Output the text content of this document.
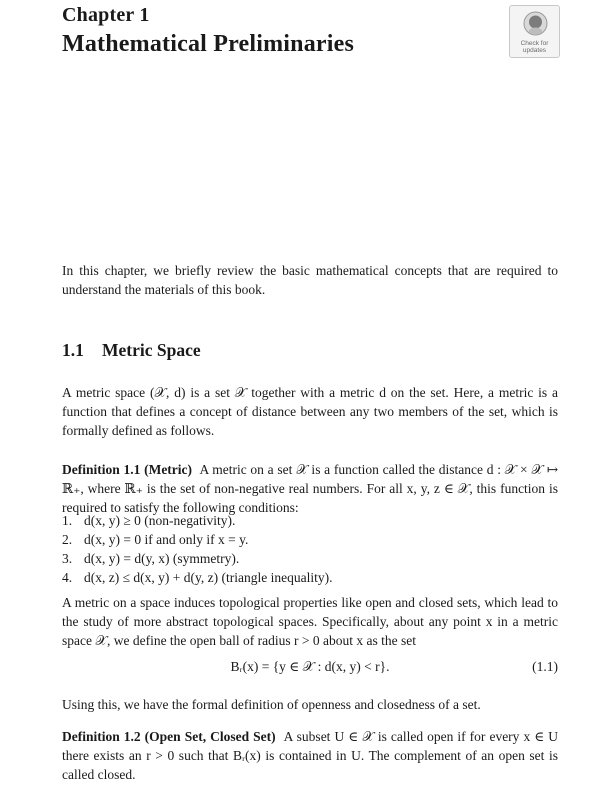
Chapter 1
Mathematical Preliminaries	Check for
updates

In this chapter, we briefly review the basic mathematical concepts that are required to understand the materials of this book.

1.1 Metric Space

A metric space (𝒳, d) is a set 𝒳 together with a metric d on the set. Here, a metric is a function that defines a concept of distance between any two members of the set, which is formally defined as follows.

Definition 1.1 (Metric) A metric on a set 𝒳 is a function called the distance d : 𝒳 × 𝒳 ↦ ℝ₊, where ℝ₊ is the set of non-negative real numbers. For all x, y, z ∈ 𝒳, this function is required to satisfy the following conditions:

1. d(x, y) ≥ 0 (non-negativity).
2. d(x, y) = 0 if and only if x = y.
3. d(x, y) = d(y, x) (symmetry).
4. d(x, z) ≤ d(x, y) + d(y, z) (triangle inequality).

A metric on a space induces topological properties like open and closed sets, which lead to the study of more abstract topological spaces. Specifically, about any point x in a metric space 𝒳, we define the open ball of radius r > 0 about x as the set

Bᵣ(x) = {y ∈ 𝒳 : d(x, y) < r}.	(1.1)

Using this, we have the formal definition of openness and closedness of a set.

Definition 1.2 (Open Set, Closed Set) A subset U ∈ 𝒳 is called open if for every x ∈ U there exists an r > 0 such that Bᵣ(x) is contained in U. The complement of an open set is called closed.
